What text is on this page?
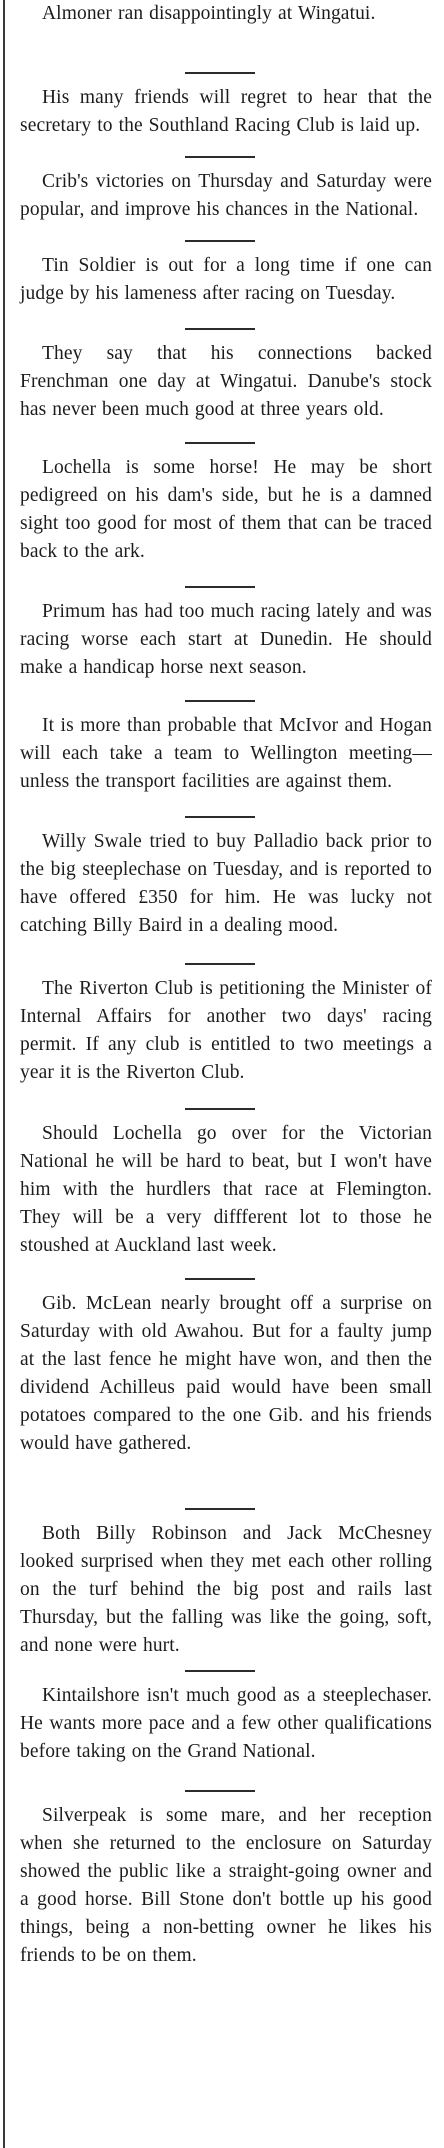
Almoner ran disappointingly at Wingatui.

His many friends will regret to hear that the secretary to the Southland Racing Club is laid up.

Crib's victories on Thursday and Saturday were popular, and improve his chances in the National.

Tin Soldier is out for a long time if one can judge by his lameness after racing on Tuesday.

They say that his connections backed Frenchman one day at Wingatui. Danube's stock has never been much good at three years old.

Lochella is some horse! He may be short pedigreed on his dam's side, but he is a damned sight too good for most of them that can be traced back to the ark.

Primum has had too much racing lately and was racing worse each start at Dunedin. He should make a handicap horse next season.

It is more than probable that McIvor and Hogan will each take a team to Wellington meeting—unless the transport facilities are against them.

Willy Swale tried to buy Palladio back prior to the big steeplechase on Tuesday, and is reported to have offered £350 for him. He was lucky not catching Billy Baird in a dealing mood.

The Riverton Club is petitioning the Minister of Internal Affairs for another two days' racing permit. If any club is entitled to two meetings a year it is the Riverton Club.

Should Lochella go over for the Victorian National he will be hard to beat, but I won't have him with the hurdlers that race at Flemington. They will be a very diffferent lot to those he stoushed at Auckland last week.

Gib. McLean nearly brought off a surprise on Saturday with old Awahou. But for a faulty jump at the last fence he might have won, and then the dividend Achilleus paid would have been small potatoes compared to the one Gib. and his friends would have gathered.

Both Billy Robinson and Jack McChesney looked surprised when they met each other rolling on the turf behind the big post and rails last Thursday, but the falling was like the going, soft, and none were hurt.

Kintailshore isn't much good as a steeplechaser. He wants more pace and a few other qualifications before taking on the Grand National.

Silverpeak is some mare, and her reception when she returned to the enclosure on Saturday showed the public like a straight-going owner and a good horse. Bill Stone don't bottle up his good things, being a non-betting owner he likes his friends to be on them.
